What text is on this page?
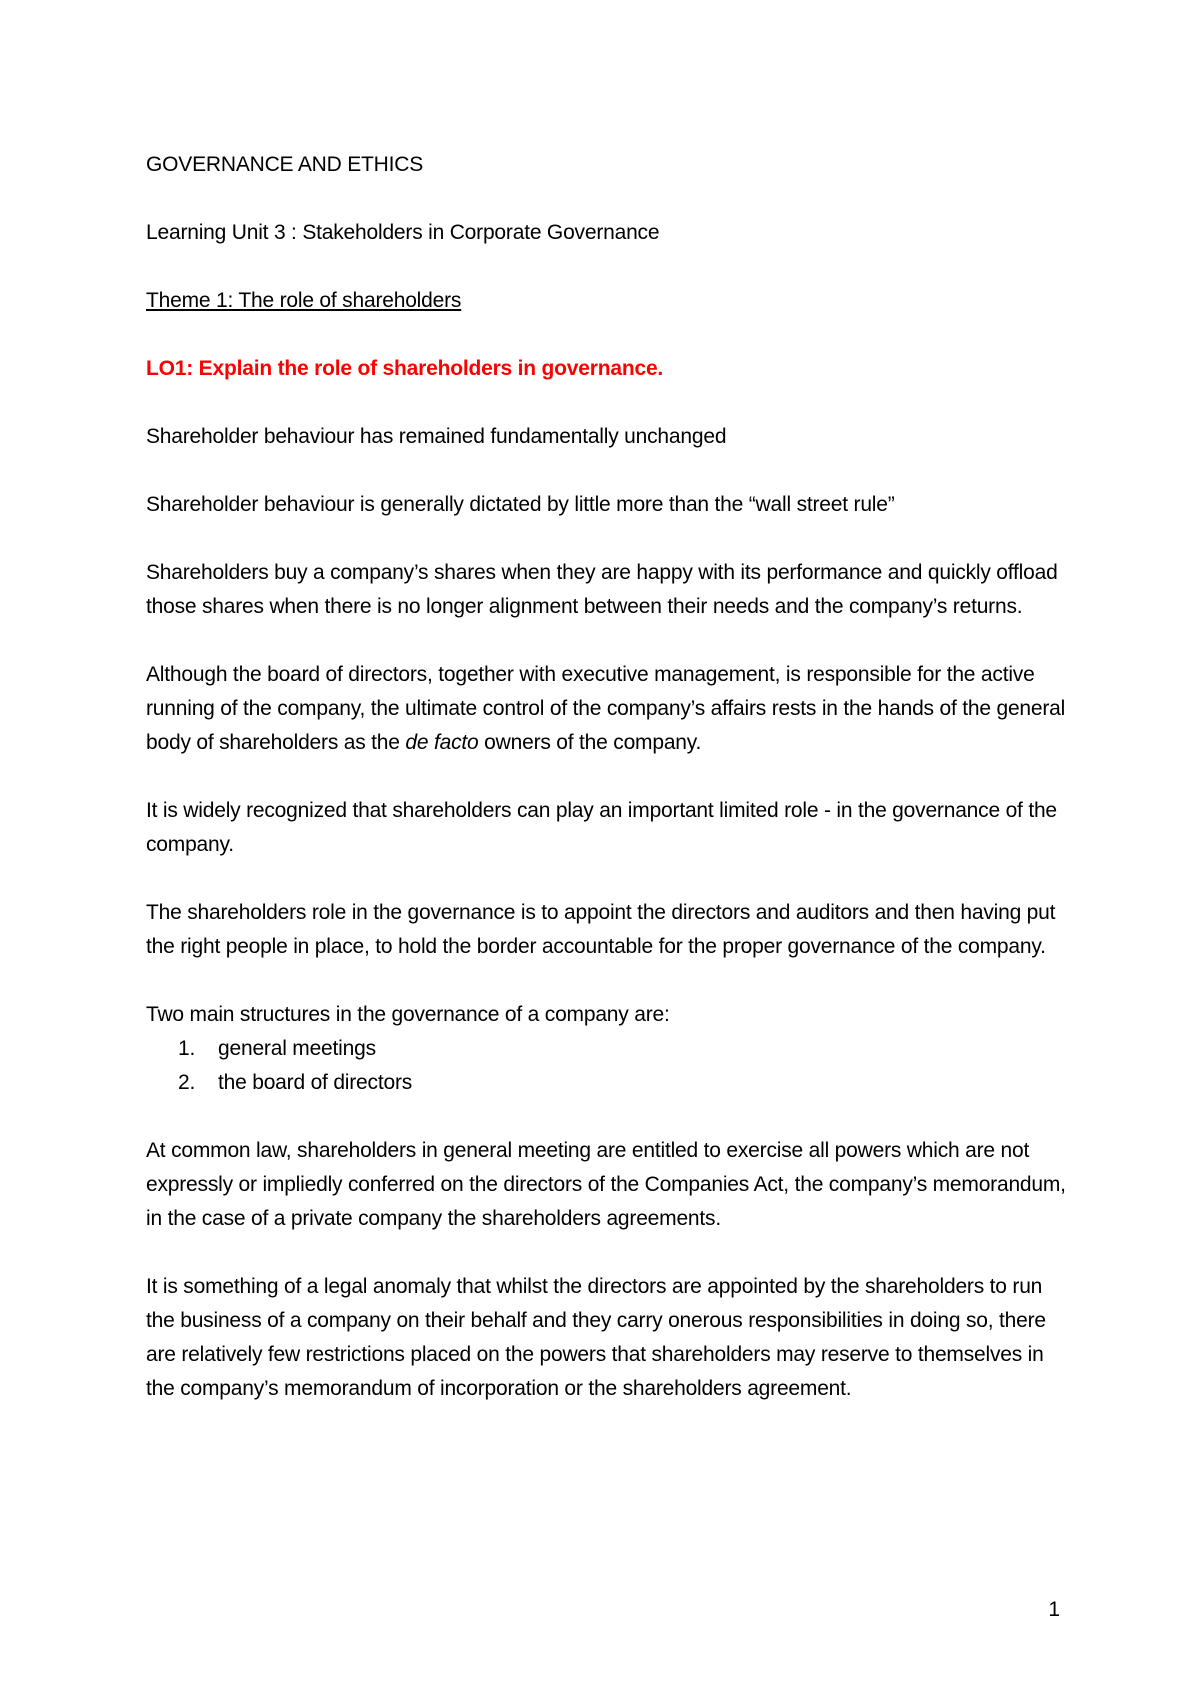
GOVERNANCE AND ETHICS

Learning Unit 3 : Stakeholders in Corporate Governance

Theme 1: The role of shareholders

LO1: Explain the role of shareholders in governance.

Shareholder behaviour has remained fundamentally unchanged

Shareholder behaviour is generally dictated by little more than the “wall street rule”

Shareholders buy a company’s shares when they are happy with its performance and quickly offload those shares when there is no longer alignment between their needs and the company’s returns.

Although the board of directors, together with executive management, is responsible for the active running of the company, the ultimate control of the company’s affairs rests in the hands of the general body of shareholders as the de facto owners of the company.

It is widely recognized that shareholders can play an important limited role - in the governance of the company.

The shareholders role in the governance is to appoint the directors and auditors and then having put the right people in place, to hold the border accountable for the proper governance of the company.

Two main structures in the governance of a company are:

1. general meetings
2. the board of directors

At common law, shareholders in general meeting are entitled to exercise all powers which are not expressly or impliedly conferred on the directors of the Companies Act, the company’s memorandum, in the case of a private company the shareholders agreements.

It is something of a legal anomaly that whilst the directors are appointed by the shareholders to run the business of a company on their behalf and they carry onerous responsibilities in doing so, there are relatively few restrictions placed on the powers that shareholders may reserve to themselves in the company’s memorandum of incorporation or the shareholders agreement.

1
